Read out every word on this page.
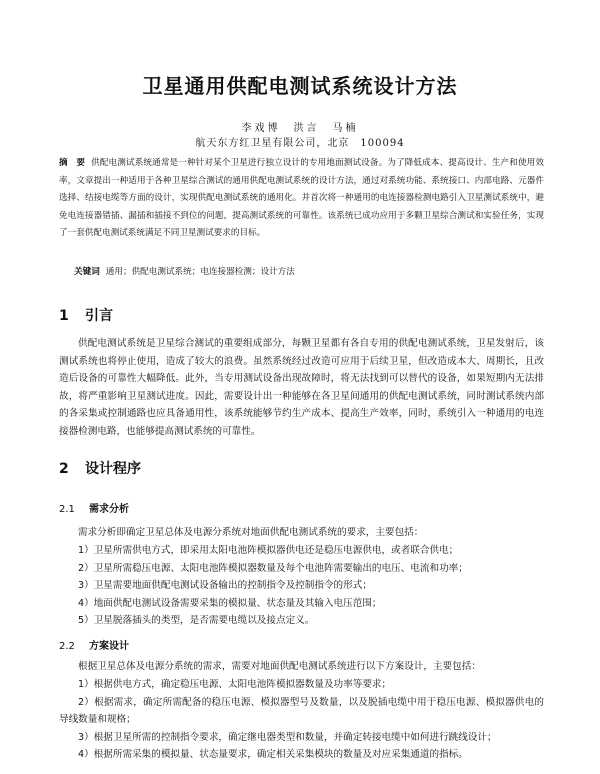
卫星通用供配电测试系统设计方法
李戏博　洪言　马楠
航天东方红卫星有限公司，北京　100094
摘　要 供配电测试系统通常是一种针对某个卫星进行独立设计的专用地面测试设备。为了降低成本、提高设计、生产和使用效率，文章提出一种适用于各种卫星综合测试的通用供配电测试系统的设计方法，通过对系统功能、系统接口、内部电路、元器件选择、结接电缆等方面的设计，实现供配电测试系统的通用化。并首次将一种通用的电连接器检测电路引入卫星测试系统中，避免电连接器错插、漏插和插接不到位的问题，提高测试系统的可靠性。该系统已成功应用于多颗卫星综合测试和实验任务，实现了一套供配电测试系统满足不同卫星测试要求的目标。
关键词 通用；供配电测试系统；电连接器检测；设计方法
1 引言
供配电测试系统是卫星综合测试的重要组成部分，每颗卫星都有各自专用的供配电测试系统，卫星发射后，该测试系统也将停止使用，造成了较大的浪费。虽然系统经过改造可应用于后续卫星，但改造成本大、周期长，且改造后设备的可靠性大幅降低。此外，当专用测试设备出现故障时，将无法找到可以替代的设备，如果短期内无法排故，将严重影响卫星测试进度。因此，需要设计出一种能够在各卫星间通用的供配电测试系统，同时测试系统内部的各采集或控制通路也应具备通用性，该系统能够节约生产成本、提高生产效率，同时，系统引入一种通用的电连接器检测电路，也能够提高测试系统的可靠性。
2 设计程序
2.1 需求分析
需求分析即确定卫星总体及电源分系统对地面供配电测试系统的要求，主要包括：
1）卫星所需供电方式，即采用太阳电池阵模拟器供电还是稳压电源供电，或者联合供电；
2）卫星所需稳压电源、太阳电池阵模拟器数量及每个电池阵需要输出的电压、电流和功率；
3）卫星需要地面供配电测试设备输出的控制指令及控制指令的形式；
4）地面供配电测试设备需要采集的模拟量、状态量及其输入电压范围；
5）卫星脱落插头的类型，是否需要电缆以及接点定义。
2.2 方案设计
根据卫星总体及电源分系统的需求，需要对地面供配电测试系统进行以下方案设计，主要包括：
1）根据供电方式，确定稳压电源、太阳电池阵模拟器数量及功率等要求；
2）根据需求，确定所需配备的稳压电源、模拟器型号及数量，以及脱插电缆中用于稳压电源、模拟器供电的导线数量和规格；
3）根据卫星所需的控制指令要求，确定继电器类型和数量，并确定转接电缆中如何进行跳线设计；
4）根据所需采集的模拟量、状态量要求，确定相关采集模块的数量及对应采集通道的指标。
